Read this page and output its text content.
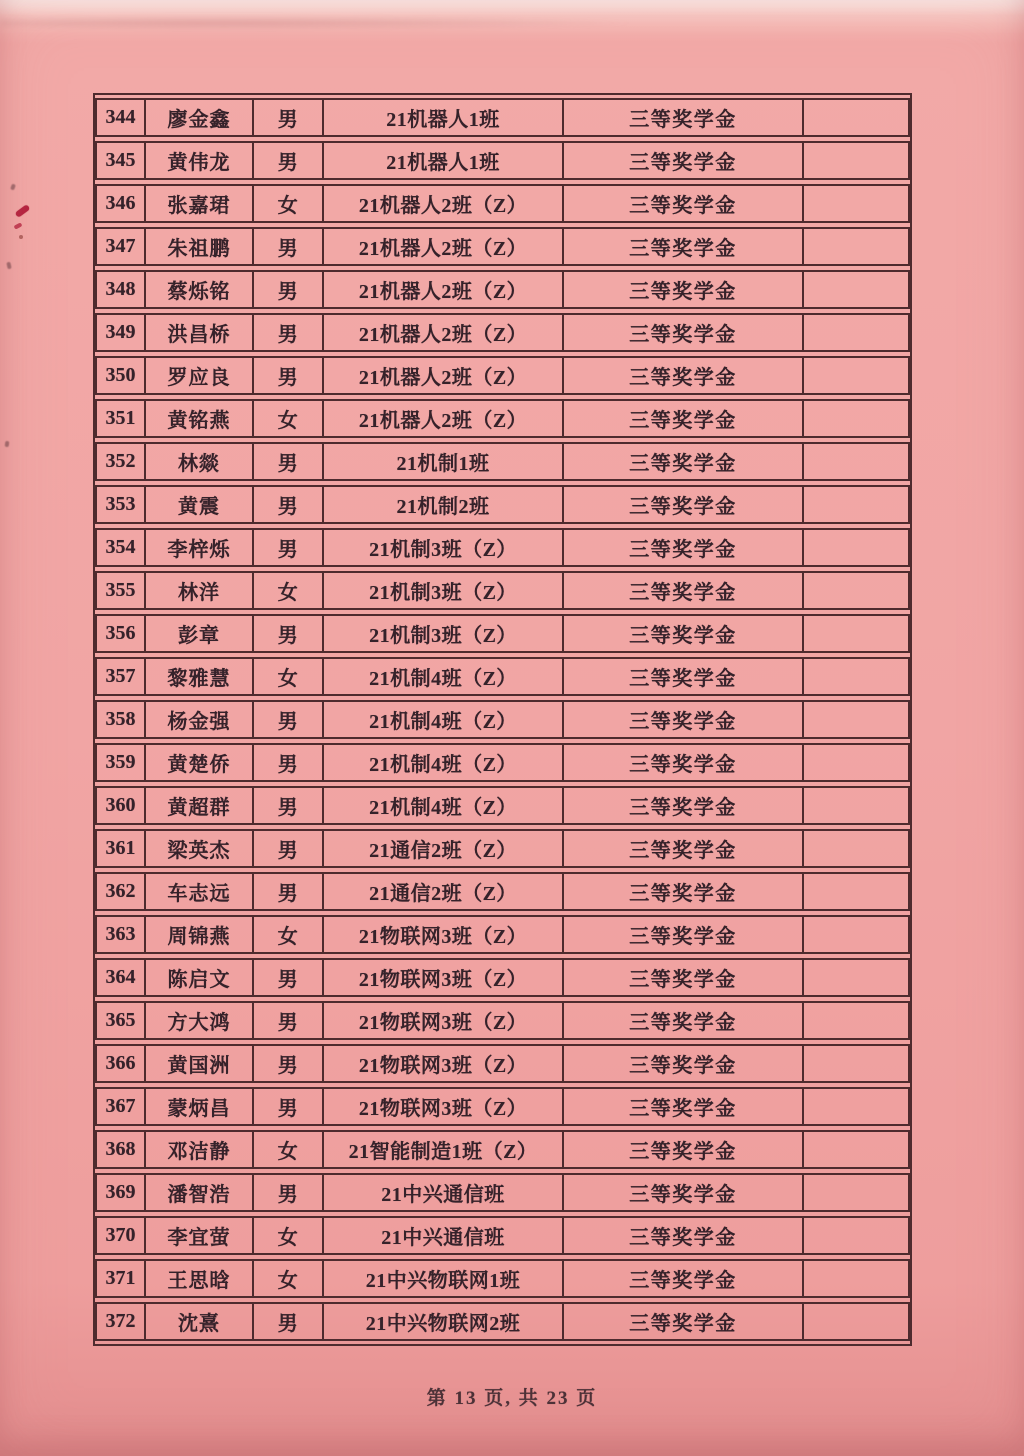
344	廖金鑫	男	21机器人1班	三等奖学金
345	黄伟龙	男	21机器人1班	三等奖学金
346	张嘉珺	女	21机器人2班（Z）	三等奖学金
347	朱祖鹏	男	21机器人2班（Z）	三等奖学金
348	蔡烁铭	男	21机器人2班（Z）	三等奖学金
349	洪昌桥	男	21机器人2班（Z）	三等奖学金
350	罗应良	男	21机器人2班（Z）	三等奖学金
351	黄铭燕	女	21机器人2班（Z）	三等奖学金
352	林燚	男	21机制1班	三等奖学金
353	黄震	男	21机制2班	三等奖学金
354	李梓烁	男	21机制3班（Z）	三等奖学金
355	林洋	女	21机制3班（Z）	三等奖学金
356	彭章	男	21机制3班（Z）	三等奖学金
357	黎雅慧	女	21机制4班（Z）	三等奖学金
358	杨金强	男	21机制4班（Z）	三等奖学金
359	黄楚侨	男	21机制4班（Z）	三等奖学金
360	黄超群	男	21机制4班（Z）	三等奖学金
361	梁英杰	男	21通信2班（Z）	三等奖学金
362	车志远	男	21通信2班（Z）	三等奖学金
363	周锦燕	女	21物联网3班（Z）	三等奖学金
364	陈启文	男	21物联网3班（Z）	三等奖学金
365	方大鸿	男	21物联网3班（Z）	三等奖学金
366	黄国洲	男	21物联网3班（Z）	三等奖学金
367	蒙炳昌	男	21物联网3班（Z）	三等奖学金
368	邓洁静	女	21智能制造1班（Z）	三等奖学金
369	潘智浩	男	21中兴通信班	三等奖学金
370	李宜萤	女	21中兴通信班	三等奖学金
371	王思晗	女	21中兴物联网1班	三等奖学金
372	沈熹	男	21中兴物联网2班	三等奖学金
第 13 页, 共 23 页
